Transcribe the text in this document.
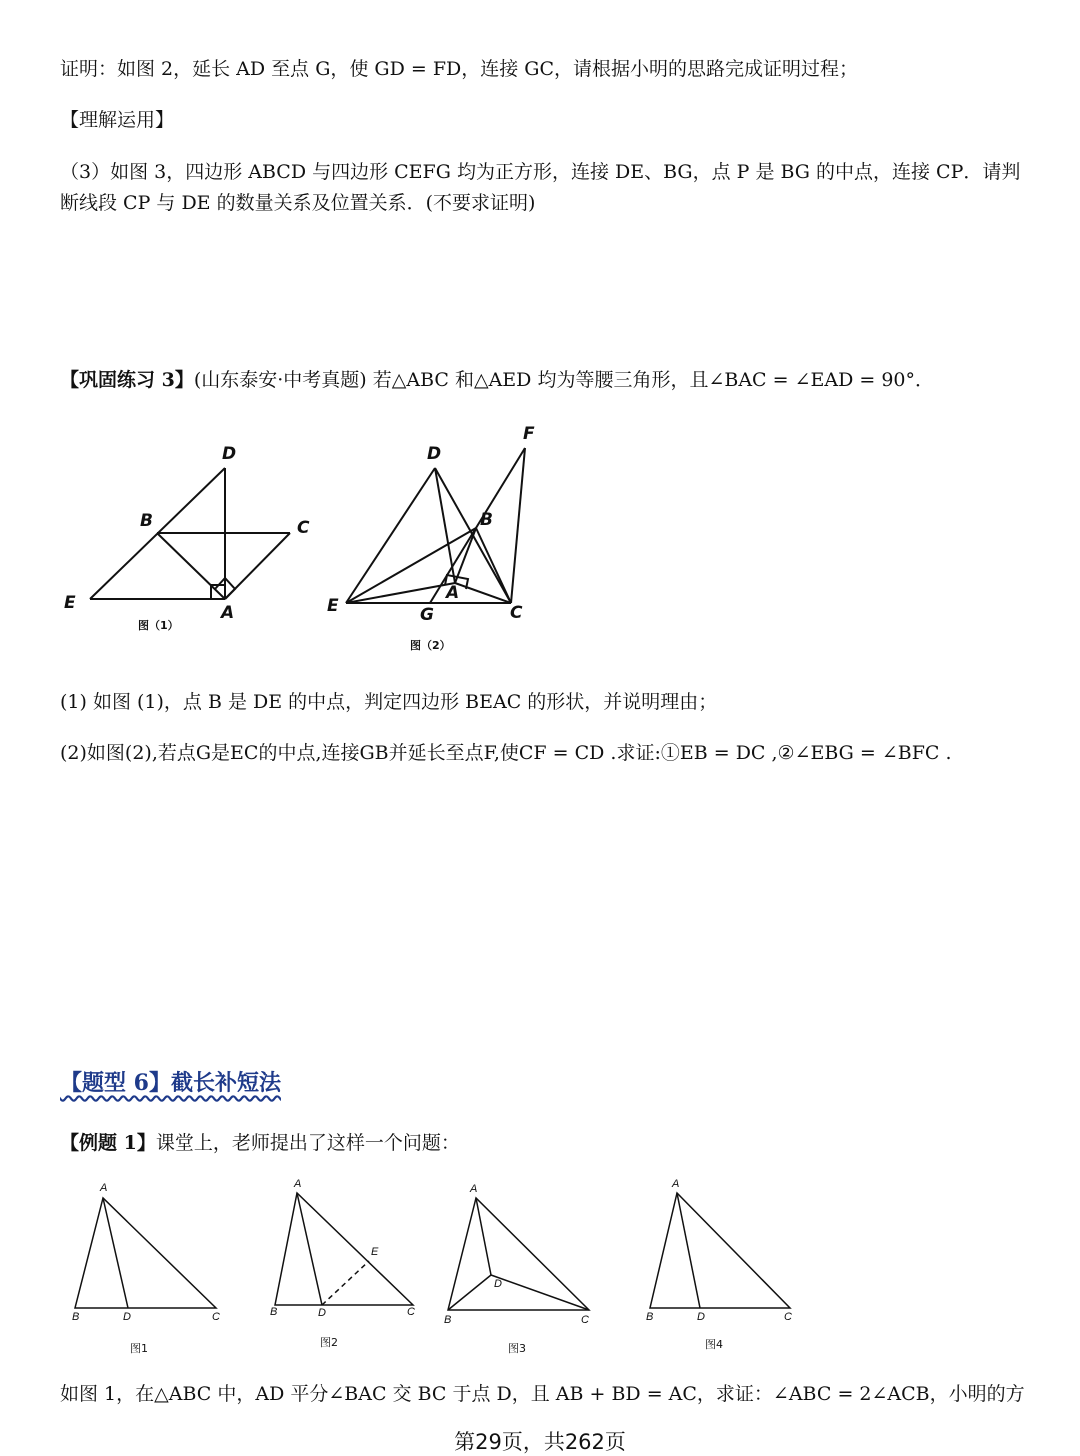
证明：如图 2，延长 AD 至点 G，使 GD = FD，连接 GC，请根据小明的思路完成证明过程；
【理解运用】
（3）如图 3，四边形 ABCD 与四边形 CEFG 均为正方形，连接 DE、BG，点 P 是 BG 的中点，连接 CP．请判
断线段 CP 与 DE 的数量关系及位置关系．(不要求证明)
【巩固练习 3】(山东泰安·中考真题) 若△ABC 和△AED 均为等腰三角形，且∠BAC = ∠EAD = 90°．
D
B	C
E	A
图（1）
D
F
B
E
A
G	C
图（2）
(1) 如图 (1)，点 B 是 DE 的中点，判定四边形 BEAC 的形状，并说明理由；
(2)如图(2),若点G是EC的中点,连接GB并延长至点F,使CF = CD .求证:①EB = DC ,②∠EBG = ∠BFC .
【题型 6】截长补短法
【例题 1】课堂上，老师提出了这样一个问题：
A
B	D	C
图1
A
E
B	D	C
图2
A
D
B	C
图3
A
B	D	C
图4
如图 1，在△ABC 中，AD 平分∠BAC 交 BC 于点 D，且 AB + BD = AC，求证：∠ABC = 2∠ACB，小明的方
第29页，共262页
